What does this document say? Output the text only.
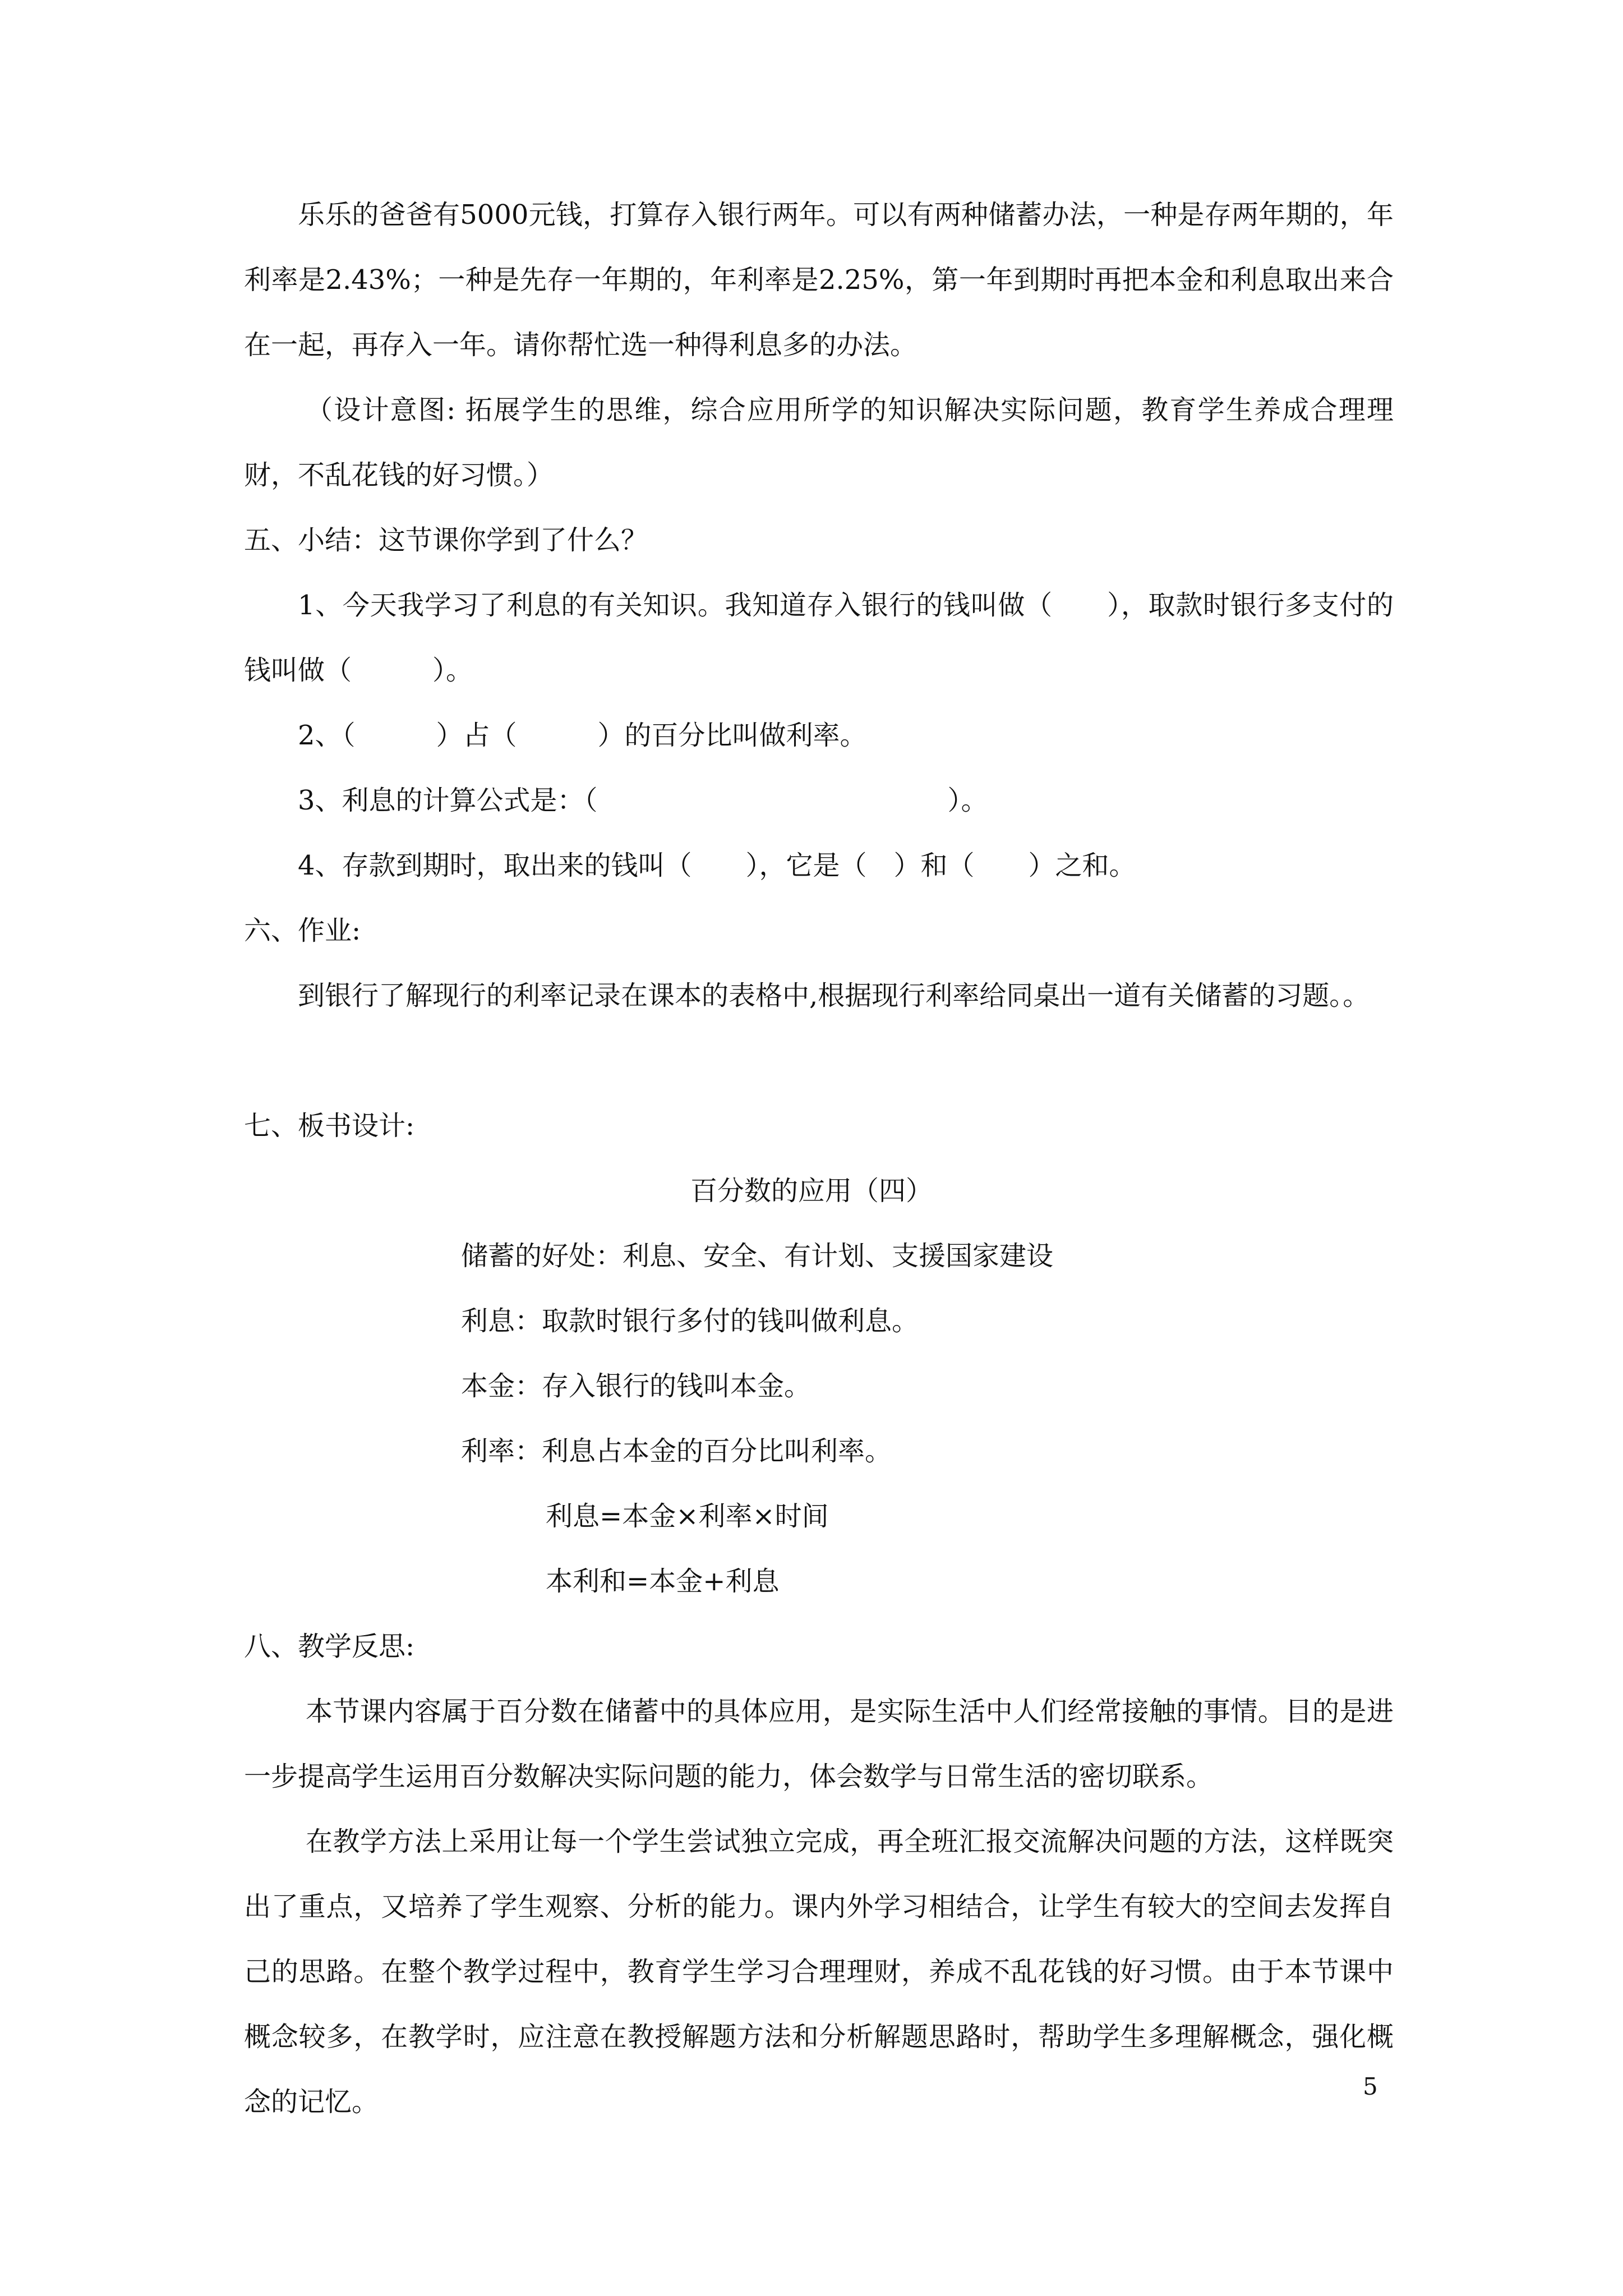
乐乐的爸爸有5000元钱，打算存入银行两年。可以有两种储蓄办法，一种是存两年期的，年利率是2.43%；一种是先存一年期的，年利率是2.25%，第一年到期时再把本金和利息取出来合在一起，再存入一年。请你帮忙选一种得利息多的办法。

（设计意图: 拓展学生的思维，综合应用所学的知识解决实际问题，教育学生养成合理理财，不乱花钱的好习惯。）

五、小结：这节课你学到了什么？

1、今天我学习了利息的有关知识。我知道存入银行的钱叫做（　　），取款时银行多支付的钱叫做（　　　）。

2、（　　　）占（　　　）的百分比叫做利率。

3、利息的计算公式是：（　　　　　　　　　　　　　）。

4、存款到期时，取出来的钱叫（　　），它是（　）和（　　）之和。

六、作业:

到银行了解现行的利率记录在课本的表格中,根据现行利率给同桌出一道有关储蓄的习题。。

七、板书设计:

百分数的应用（四）

储蓄的好处：利息、安全、有计划、支援国家建设

利息：取款时银行多付的钱叫做利息。

本金：存入银行的钱叫本金。

利率：利息占本金的百分比叫利率。

利息=本金×利率×时间

本利和=本金+利息

八、教学反思:

本节课内容属于百分数在储蓄中的具体应用，是实际生活中人们经常接触的事情。目的是进一步提高学生运用百分数解决实际问题的能力，体会数学与日常生活的密切联系。

在教学方法上采用让每一个学生尝试独立完成，再全班汇报交流解决问题的方法，这样既突出了重点，又培养了学生观察、分析的能力。课内外学习相结合，让学生有较大的空间去发挥自己的思路。在整个教学过程中，教育学生学习合理理财，养成不乱花钱的好习惯。由于本节课中概念较多，在教学时，应注意在教授解题方法和分析解题思路时，帮助学生多理解概念，强化概念的记忆。	5
